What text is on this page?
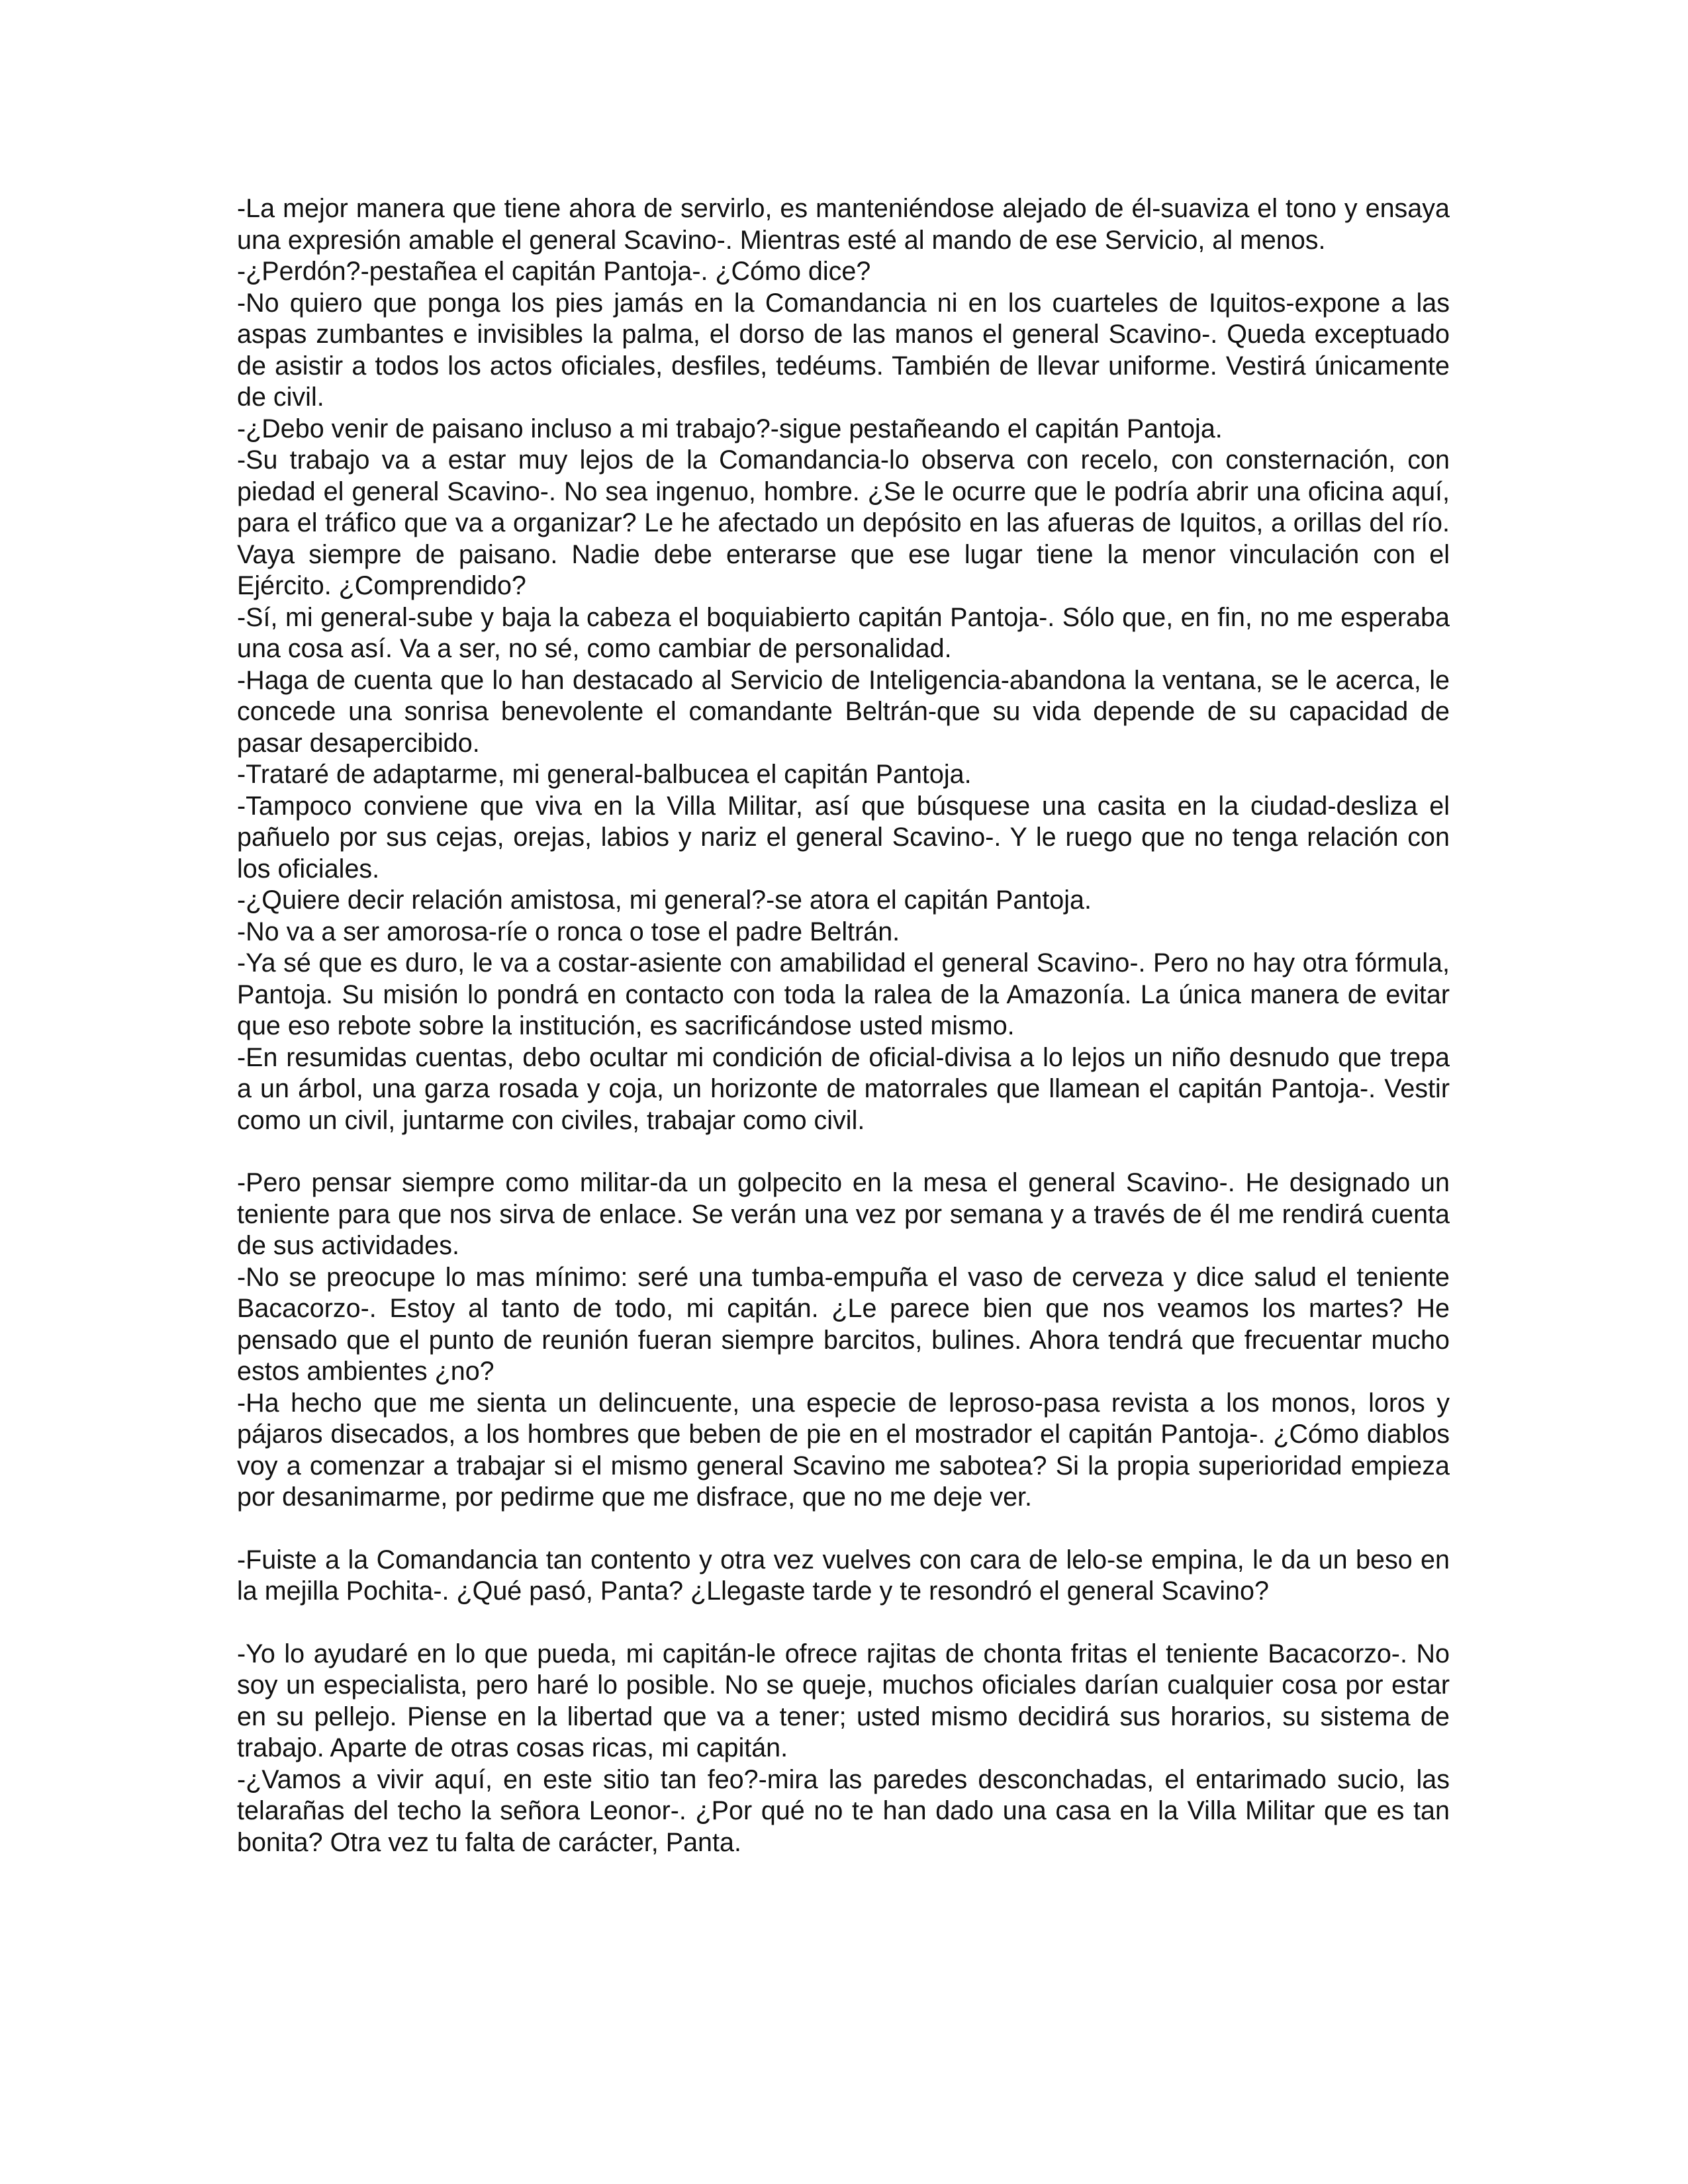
-La mejor manera que tiene ahora de servirlo, es manteniéndose alejado de él-suaviza el tono y ensaya una expresión amable el general Scavino-. Mientras esté al mando de ese Servicio, al menos.

-¿Perdón?-pestañea el capitán Pantoja-. ¿Cómo dice?

-No quiero que ponga los pies jamás en la Comandancia ni en los cuarteles de Iquitos-expone a las aspas zumbantes e invisibles la palma, el dorso de las manos el general Scavino-. Queda exceptuado de asistir a todos los actos oficiales, desfiles, tedéums. También de llevar uniforme. Vestirá únicamente de civil.

-¿Debo venir de paisano incluso a mi trabajo?-sigue pestañeando el capitán Pantoja.

-Su trabajo va a estar muy lejos de la Comandancia-lo observa con recelo, con consternación, con piedad el general Scavino-. No sea ingenuo, hombre. ¿Se le ocurre que le podría abrir una oficina aquí, para el tráfico que va a organizar? Le he afectado un depósito en las afueras de Iquitos, a orillas del río. Vaya siempre de paisano. Nadie debe enterarse que ese lugar tiene la menor vinculación con el Ejército. ¿Comprendido?

-Sí, mi general-sube y baja la cabeza el boquiabierto capitán Pantoja-. Sólo que, en fin, no me esperaba una cosa así. Va a ser, no sé, como cambiar de personalidad.

-Haga de cuenta que lo han destacado al Servicio de Inteligencia-abandona la ventana, se le acerca, le concede una sonrisa benevolente el comandante Beltrán-que su vida depende de su capacidad de pasar desapercibido.

-Trataré de adaptarme, mi general-balbucea el capitán Pantoja.

-Tampoco conviene que viva en la Villa Militar, así que búsquese una casita en la ciudad-desliza el pañuelo por sus cejas, orejas, labios y nariz el general Scavino-. Y le ruego que no tenga relación con los oficiales.

-¿Quiere decir relación amistosa, mi general?-se atora el capitán Pantoja.

-No va a ser amorosa-ríe o ronca o tose el padre Beltrán.

-Ya sé que es duro, le va a costar-asiente con amabilidad el general Scavino-. Pero no hay otra fórmula, Pantoja. Su misión lo pondrá en contacto con toda la ralea de la Amazonía. La única manera de evitar que eso rebote sobre la institución, es sacrificándose usted mismo.

-En resumidas cuentas, debo ocultar mi condición de oficial-divisa a lo lejos un niño desnudo que trepa a un árbol, una garza rosada y coja, un horizonte de matorrales que llamean el capitán Pantoja-. Vestir como un civil, juntarme con civiles, trabajar como civil.

-Pero pensar siempre como militar-da un golpecito en la mesa el general Scavino-. He designado un teniente para que nos sirva de enlace. Se verán una vez por semana y a través de él me rendirá cuenta de sus actividades.

-No se preocupe lo mas mínimo: seré una tumba-empuña el vaso de cerveza y dice salud el teniente Bacacorzo-. Estoy al tanto de todo, mi capitán. ¿Le parece bien que nos veamos los martes? He pensado que el punto de reunión fueran siempre barcitos, bulines. Ahora tendrá que frecuentar mucho estos ambientes ¿no?

-Ha hecho que me sienta un delincuente, una especie de leproso-pasa revista a los monos, loros y pájaros disecados, a los hombres que beben de pie en el mostrador el capitán Pantoja-. ¿Cómo diablos voy a comenzar a trabajar si el mismo general Scavino me sabotea? Si la propia superioridad empieza por desanimarme, por pedirme que me disfrace, que no me deje ver.

-Fuiste a la Comandancia tan contento y otra vez vuelves con cara de lelo-se empina, le da un beso en la mejilla Pochita-. ¿Qué pasó, Panta? ¿Llegaste tarde y te resondró el general Scavino?

-Yo lo ayudaré en lo que pueda, mi capitán-le ofrece rajitas de chonta fritas el teniente Bacacorzo-. No soy un especialista, pero haré lo posible. No se queje, muchos oficiales darían cualquier cosa por estar en su pellejo. Piense en la libertad que va a tener; usted mismo decidirá sus horarios, su sistema de trabajo. Aparte de otras cosas ricas, mi capitán.

-¿Vamos a vivir aquí, en este sitio tan feo?-mira las paredes desconchadas, el entarimado sucio, las telarañas del techo la señora Leonor-. ¿Por qué no te han dado una casa en la Villa Militar que es tan bonita? Otra vez tu falta de carácter, Panta.
